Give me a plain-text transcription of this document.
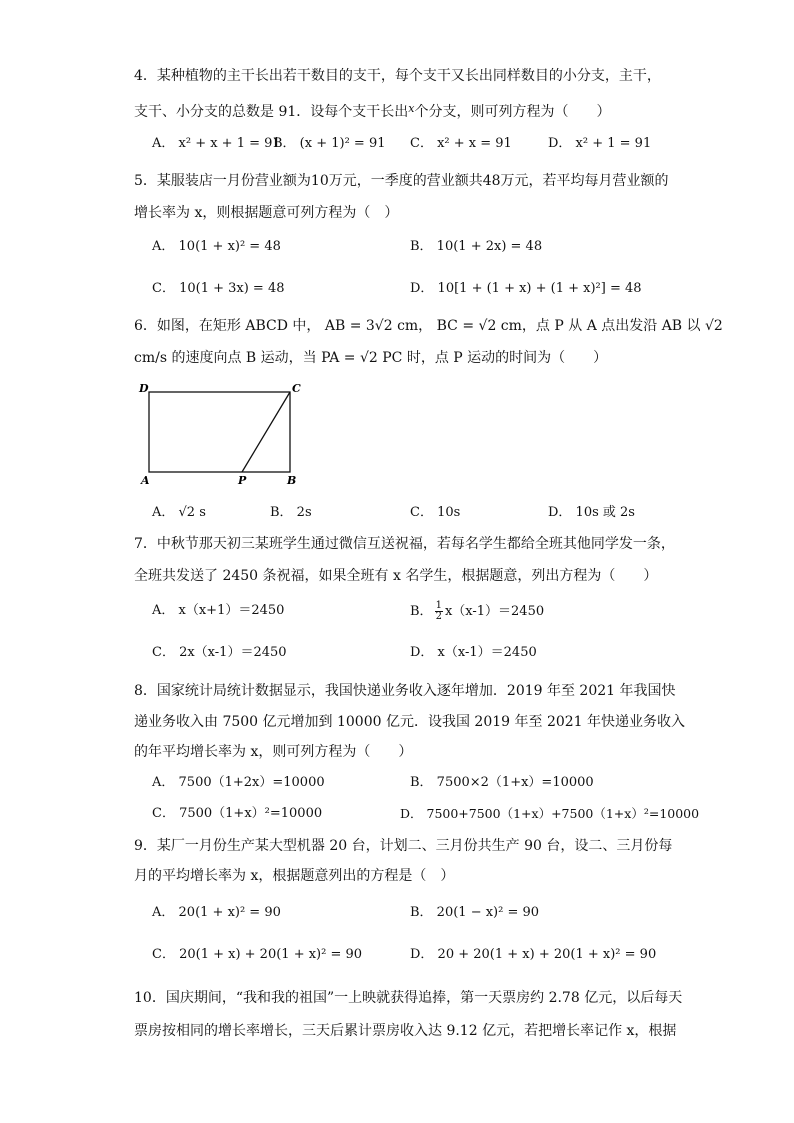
4．某种植物的主干长出若干数目的支干，每个支干又长出同样数目的小分支，主干，
支干、小分支的总数是 91．设每个支干长出$^x$个分支，则可列方程为（　　）
A． x² + x + 1 = 91
B． (x + 1)² = 91 C． x² + x = 91	D． x² + 1 = 91
5．某服装店一月份营业额为10万元，一季度的营业额共48万元，若平均每月营业额的
增长率为 x，则根据题意可列方程为（　）
A． 10(1 + x)² = 48	B． 10(1 + 2x) = 48
C． 10(1 + 3x) = 48	D． 10[1 + (1 + x) + (1 + x)²] = 48
6．如图，在矩形 ABCD 中， AB = 3√2 cm， BC = √2 cm，点 P 从 A 点出发沿 AB 以 √2
cm/s 的速度向点 B 运动，当 PA = √2 PC 时，点 P 运动的时间为（　　）
D	C
A	P	B
A． √2 s	B． 2s	C． 10s	D． 10s 或 2s
7．中秋节那天初三某班学生通过微信互送祝福，若每名学生都给全班其他同学发一条，
全班共发送了 2450 条祝福，如果全班有 x 名学生，根据题意，列出方程为（　　）
A． x（x+1）＝2450	B． $\frac{1}{2} x(x-1)=2450$
C． 2x（x-1）＝2450	D． x（x-1）＝2450
8．国家统计局统计数据显示，我国快递业务收入逐年增加．2019 年至 2021 年我国快
递业务收入由 7500 亿元增加到 10000 亿元．设我国 2019 年至 2021 年快递业务收入
的年平均增长率为 x，则可列方程为（　　）
A． 7500（1+2x）=10000	B． 7500×2（1+x）=10000
C． 7500（1+x）²=10000	D． 7500+7500（1+x）+7500（1+x）²=10000
9．某厂一月份生产某大型机器 20 台，计划二、三月份共生产 90 台，设二、三月份每
月的平均增长率为 x，根据题意列出的方程是（　）
A． 20(1 + x)² = 90	B． 20(1 − x)² = 90
C． 20(1 + x) + 20(1 + x)² = 90	D． 20 + 20(1 + x) + 20(1 + x)² = 90
10．国庆期间，“我和我的祖国”一上映就获得追捧，第一天票房约 2.78 亿元，以后每天
票房按相同的增长率增长，三天后累计票房收入达 9.12 亿元，若把增长率记作 x，根据
